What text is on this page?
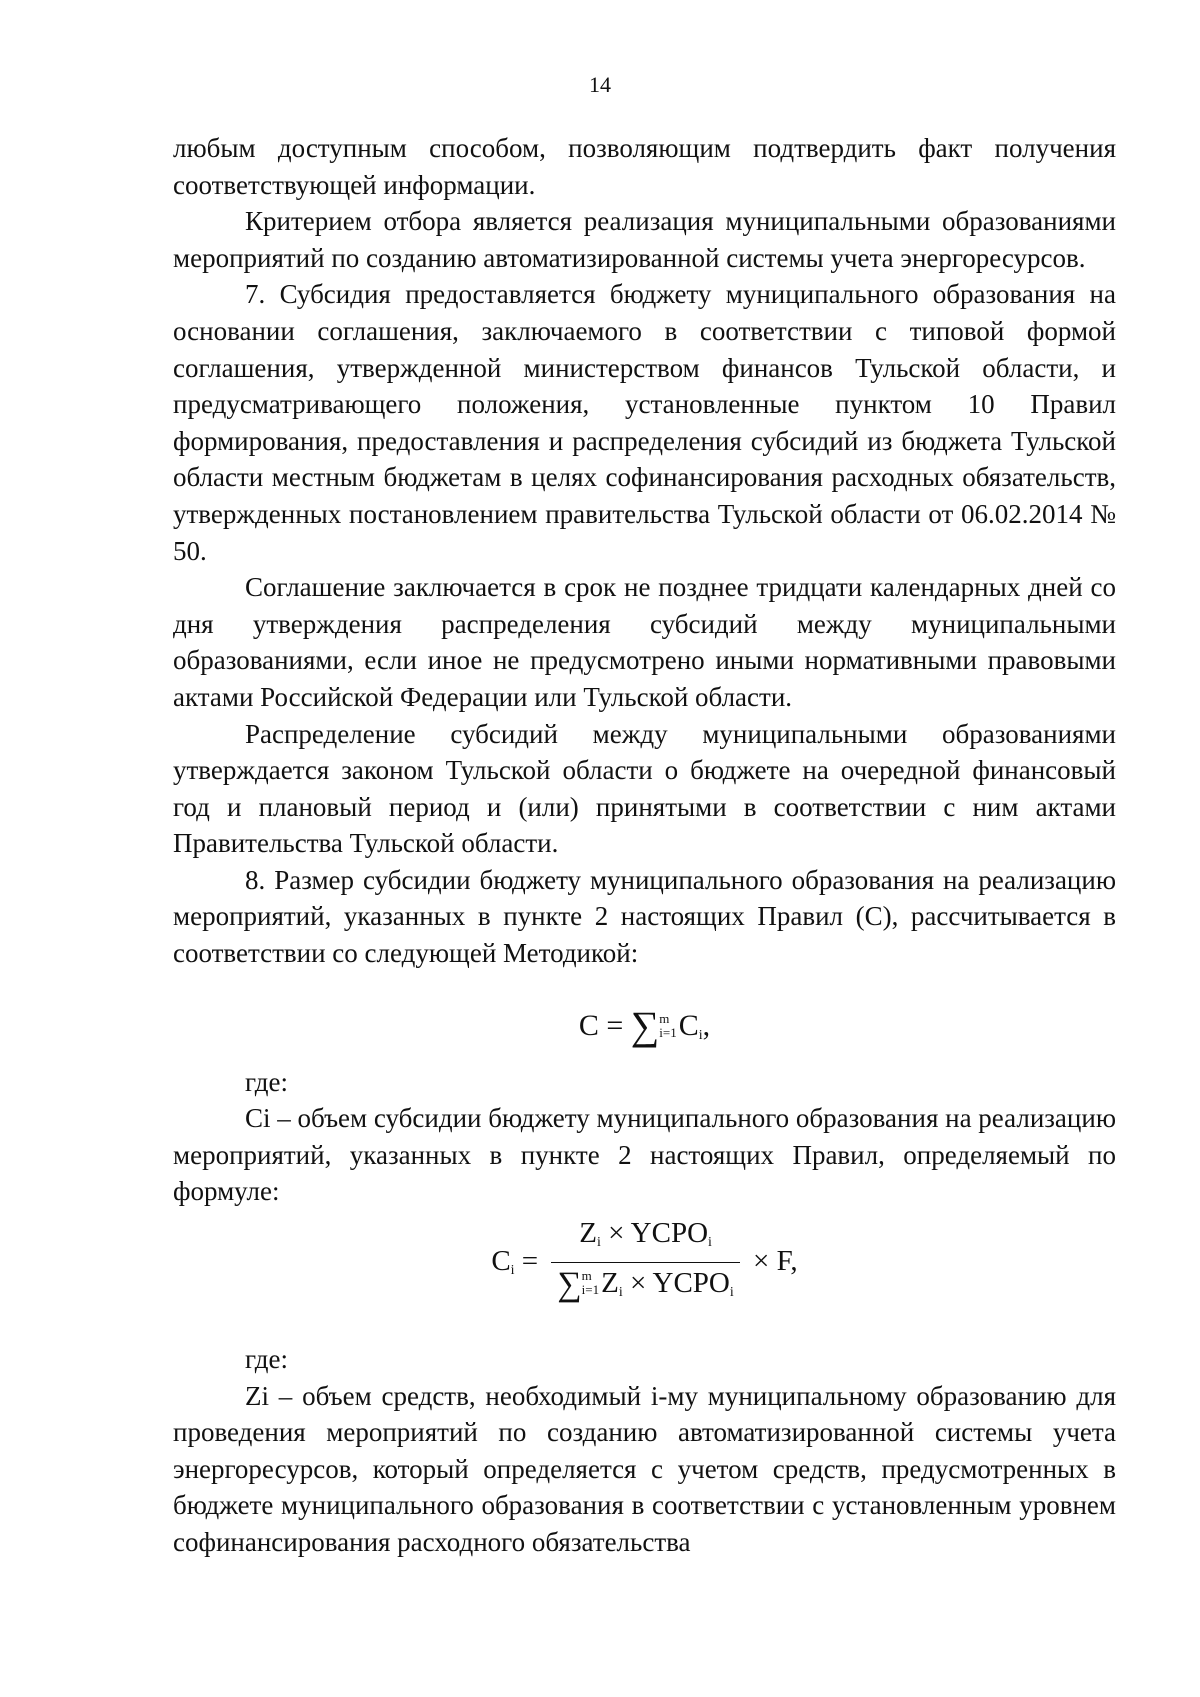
14

любым доступным способом, позволяющим подтвердить факт получения соответствующей информации.

Критерием отбора является реализация муниципальными образованиями мероприятий по созданию автоматизированной системы учета энергоресурсов.

7. Субсидия предоставляется бюджету муниципального образования на основании соглашения, заключаемого в соответствии с типовой формой соглашения, утвержденной министерством финансов Тульской области, и предусматривающего положения, установленные пунктом 10 Правил формирования, предоставления и распределения субсидий из бюджета Тульской области местным бюджетам в целях софинансирования расходных обязательств, утвержденных постановлением правительства Тульской области от 06.02.2014 № 50.

Соглашение заключается в срок не позднее тридцати календарных дней со дня утверждения распределения субсидий между муниципальными образованиями, если иное не предусмотрено иными нормативными правовыми актами Российской Федерации или Тульской области.

Распределение субсидий между муниципальными образованиями утверждается законом Тульской области о бюджете на очередной финансовый год и плановый период и (или) принятыми в соответствии с ним актами Правительства Тульской области.

8. Размер субсидии бюджету муниципального образования на реализацию мероприятий, указанных в пункте 2 настоящих Правил (С), рассчитывается в соответствии со следующей Методикой:

C = ∑ m
i=1 $C_i$,

где:

Ci – объем субсидии бюджету муниципального образования на реализацию мероприятий, указанных в пункте 2 настоящих Правил, определяемый по формуле:

$C_i = Z_i$ × $YCPO_i$
∑ m
i=1 $Z_i$ × $YCPO_i \times F$,

где:

Zi – объем средств, необходимый i-му муниципальному образованию для проведения мероприятий по созданию автоматизированной системы учета энергоресурсов, который определяется с учетом средств, предусмотренных в бюджете муниципального образования в соответствии с установленным уровнем софинансирования расходного обязательства
